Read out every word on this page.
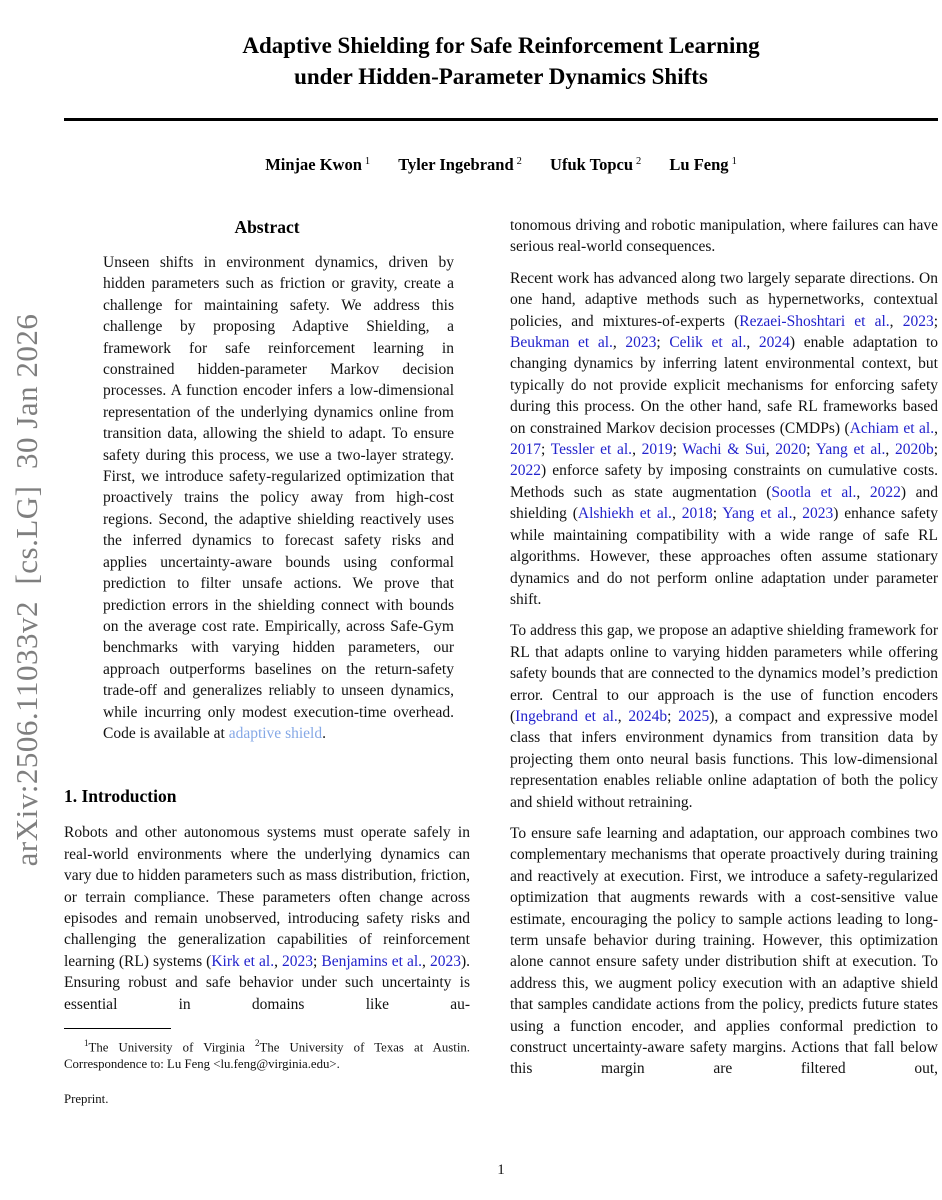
arXiv:2506.11033v2  [cs.LG]  30 Jan 2026
Adaptive Shielding for Safe Reinforcement Learning
under Hidden-Parameter Dynamics Shifts
Minjae Kwon $^1$ Tyler Ingebrand $^2$ Ufuk Topcu $^2$ Lu Feng $^1$
Abstract

Unseen shifts in environment dynamics, driven by hidden parameters such as friction or gravity, create a challenge for maintaining safety. We address this challenge by proposing Adaptive Shielding, a framework for safe reinforcement learning in constrained hidden-parameter Markov decision processes. A function encoder infers a low-dimensional representation of the underlying dynamics online from transition data, allowing the shield to adapt. To ensure safety during this process, we use a two-layer strategy. First, we introduce safety-regularized optimization that proactively trains the policy away from high-cost regions. Second, the adaptive shielding reactively uses the inferred dynamics to forecast safety risks and applies uncertainty-aware bounds using conformal prediction to filter unsafe actions. We prove that prediction errors in the shielding connect with bounds on the average cost rate. Empirically, across Safe-Gym benchmarks with varying hidden parameters, our approach outperforms baselines on the return-safety trade-off and generalizes reliably to unseen dynamics, while incurring only modest execution-time overhead. Code is available at adaptive shield.

1. Introduction

Robots and other autonomous systems must operate safely in real-world environments where the underlying dynamics can vary due to hidden parameters such as mass distribution, friction, or terrain compliance. These parameters often change across episodes and remain unobserved, introducing safety risks and challenging the generalization capabilities of reinforcement learning (RL) systems (Kirk et al., 2023; Benjamins et al., 2023). Ensuring robust and safe behavior under such uncertainty is essential in domains like au-

$^1$The University of Virginia $^2$The University of Texas at Austin. Correspondence to: Lu Feng <lu.feng@virginia.edu>.

Preprint.

tonomous driving and robotic manipulation, where failures can have serious real-world consequences.

Recent work has advanced along two largely separate directions. On one hand, adaptive methods such as hypernetworks, contextual policies, and mixtures-of-experts (Rezaei-Shoshtari et al., 2023; Beukman et al., 2023; Celik et al., 2024) enable adaptation to changing dynamics by inferring latent environmental context, but typically do not provide explicit mechanisms for enforcing safety during this process. On the other hand, safe RL frameworks based on constrained Markov decision processes (CMDPs) (Achiam et al., 2017; Tessler et al., 2019; Wachi & Sui, 2020; Yang et al., 2020b; 2022) enforce safety by imposing constraints on cumulative costs. Methods such as state augmentation (Sootla et al., 2022) and shielding (Alshiekh et al., 2018; Yang et al., 2023) enhance safety while maintaining compatibility with a wide range of safe RL algorithms. However, these approaches often assume stationary dynamics and do not perform online adaptation under parameter shift.

To address this gap, we propose an adaptive shielding framework for RL that adapts online to varying hidden parameters while offering safety bounds that are connected to the dynamics model’s prediction error. Central to our approach is the use of function encoders (Ingebrand et al., 2024b; 2025), a compact and expressive model class that infers environment dynamics from transition data by projecting them onto neural basis functions. This low-dimensional representation enables reliable online adaptation of both the policy and shield without retraining.

To ensure safe learning and adaptation, our approach combines two complementary mechanisms that operate proactively during training and reactively at execution. First, we introduce a safety-regularized optimization that augments rewards with a cost-sensitive value estimate, encouraging the policy to sample actions leading to long-term unsafe behavior during training. However, this optimization alone cannot ensure safety under distribution shift at execution. To address this, we augment policy execution with an adaptive shield that samples candidate actions from the policy, predicts future states using a function encoder, and applies conformal prediction to construct uncertainty-aware safety margins. Actions that fall below this margin are filtered out,

1
